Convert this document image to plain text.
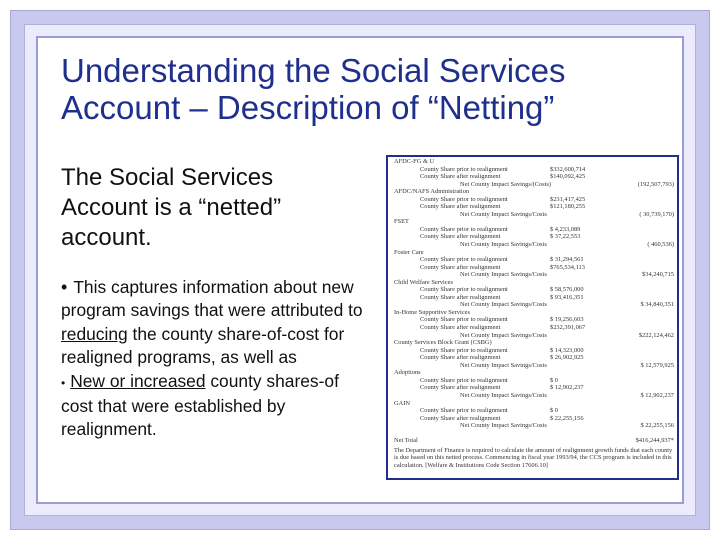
Understanding the Social Services Account – Description of “Netting”
The Social Services Account is a “netted” account.

• This captures information about new program savings that were attributed to reducing the county share-of-cost for realigned programs, as well as

• New or increased county shares-of cost that were established by realignment.

AFDC-FG & U
County Share prior to realignment	$332,600,714
County Share after realignment	$140,092,425
Net County Impact Savings/(Costs)	(192,507,793)
AFDC/NAFS Administration
County Share prior to realignment	$231,417,425
County Share after realignment	$121,180,255
Net County Impact Savings/Costs	( 30,739,170)
FSET
County Share prior to realignment	$ 4,233,089
County Share after realignment	$ 37,22,553
Net County Impact Savings/Costs	( 460,536)
Foster Care
County Share prior to realignment	$ 31,294,561
County Share after realignment	$765,534,113
Net County Impact Savings/Costs	$34,240,715
Child Welfare Services
County Share prior to realignment	$ 58,576,000
County Share after realignment	$ 93,416,351
Net County Impact Savings/Costs	$ 34,840,351
In-Home Supportive Services
County Share prior to realignment	$ 19,256,603
County Share after realignment	$232,391,067
Net County Impact Savings/Costs	$222,124,462
County Services Block Grant (CSBG)
County Share prior to realignment	$ 14,323,000
County Share after realignment	$ 26,902,925
Net County Impact Savings/Costs	$ 12,579,925
Adoptions
County Share prior to realignment	$ 0
County Share after realignment	$ 12,902,237
Net County Impact Savings/Costs	$ 12,902,237
GAIN
County Share prior to realignment	$ 0
County Share after realignment	$ 22,255,156
Net County Impact Savings/Costs	$ 22,255,156
Net Total	$416,244,937*
The Department of Finance is required to calculate the amount of realignment growth funds that each county is due based on this netted process. Commencing in fiscal year 1993/94, the CCS program is included in this calculation. [Welfare & Institutions Code Section 17606.10]
